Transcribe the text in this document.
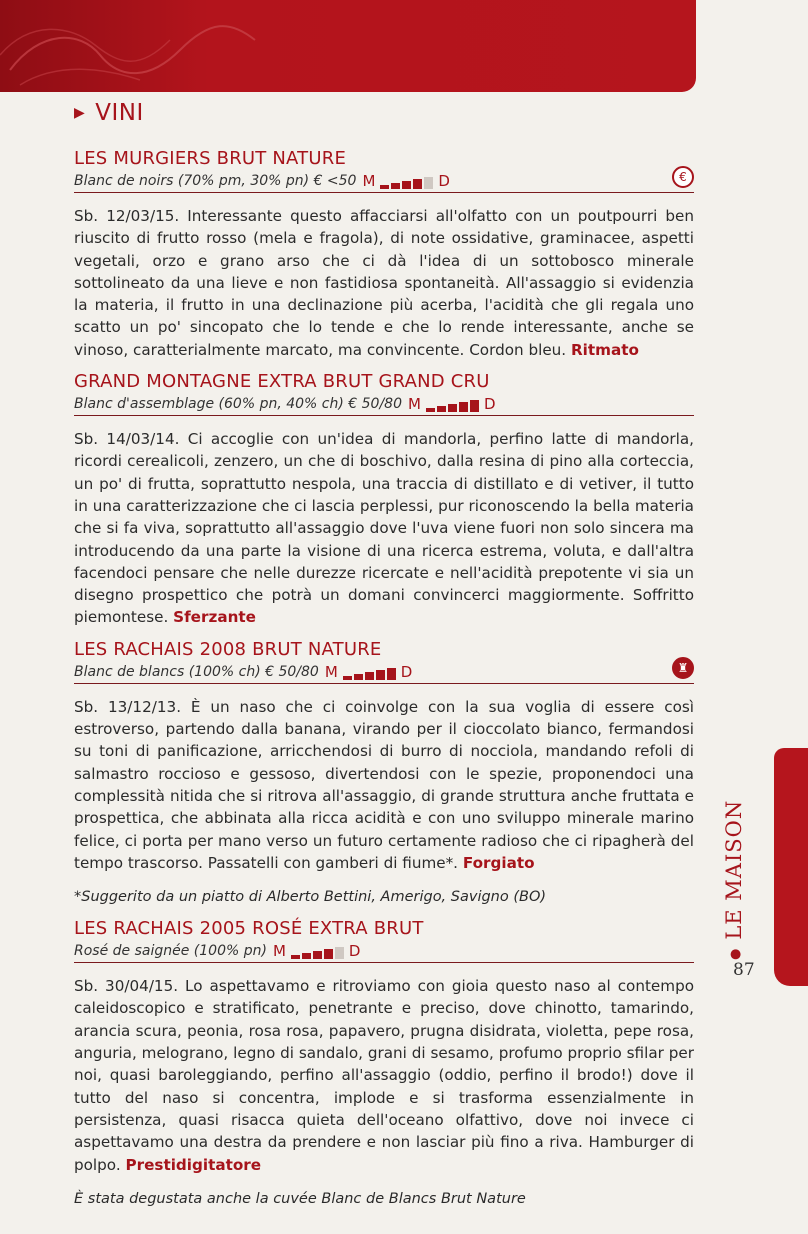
▶ VINI
LES MURGIERS BRUT NATURE
Blanc de noirs (70% pm, 30% pn) € <50 M	D	€

Sb. 12/03/15. Interessante questo affacciarsi all'olfatto con un poutpourri ben riuscito di frutto rosso (mela e fragola), di note ossidative, graminacee, aspetti vegetali, orzo e grano arso che ci dà l'idea di un sottobosco minerale sottolineato da una lieve e non fastidiosa spontaneità. All'assaggio si evidenzia la materia, il frutto in una declinazione più acerba, l'acidità che gli regala uno scatto un po' sincopato che lo tende e che lo rende interessante, anche se vinoso, caratterialmente marcato, ma convincente. Cordon bleu. Ritmato

GRAND MONTAGNE EXTRA BRUT GRAND CRU
Blanc d'assemblage (60% pn, 40% ch) € 50/80 M	D

Sb. 14/03/14. Ci accoglie con un'idea di mandorla, perfino latte di mandorla, ricordi cerealicoli, zenzero, un che di boschivo, dalla resina di pino alla corteccia, un po' di frutta, soprattutto nespola, una traccia di distillato e di vetiver, il tutto in una caratterizzazione che ci lascia perplessi, pur riconoscendo la bella materia che si fa viva, soprattutto all'assaggio dove l'uva viene fuori non solo sincera ma introducendo da una parte la visione di una ricerca estrema, voluta, e dall'altra facendoci pensare che nelle durezze ricercate e nell'acidità prepotente vi sia un disegno prospettico che potrà un domani convincerci maggiormente. Soffritto piemontese. Sferzante

LES RACHAIS 2008 BRUT NATURE
Blanc de blancs (100% ch) € 50/80 M	D	♜

Sb. 13/12/13. È un naso che ci coinvolge con la sua voglia di essere così estroverso, partendo dalla banana, virando per il cioccolato bianco, fermandosi su toni di panificazione, arricchendosi di burro di nocciola, mandando refoli di salmastro roccioso e gessoso, divertendosi con le spezie, proponendoci una complessità nitida che si ritrova all'assaggio, di grande struttura anche fruttata e prospettica, che abbinata alla ricca acidità e con uno sviluppo minerale marino felice, ci porta per mano verso un futuro certamente radioso che ci ripagherà del tempo trascorso. Passatelli con gamberi di fiume*. Forgiato

*Suggerito da un piatto di Alberto Bettini, Amerigo, Savigno (BO)

LES RACHAIS 2005 ROSÉ EXTRA BRUT
Rosé de saignée (100% pn) M	D

Sb. 30/04/15. Lo aspettavamo e ritroviamo con gioia questo naso al contempo caleidoscopico e stratificato, penetrante e preciso, dove chinotto, tamarindo, arancia scura, peonia, rosa rosa, papavero, prugna disidrata, violetta, pepe rosa, anguria, melograno, legno di sandalo, grani di sesamo, profumo proprio sfilar per noi, quasi baroleggiando, perfino all'assaggio (oddio, perfino il brodo!) dove il tutto del naso si concentra, implode e si trasforma essenzialmente in persistenza, quasi risacca quieta dell'oceano olfattivo, dove noi invece ci aspettavamo una destra da prendere e non lasciar più fino a riva. Hamburger di polpo. Prestidigitatore

È stata degustata anche la cuvée Blanc de Blancs Brut Nature

●LE MAISON
87
